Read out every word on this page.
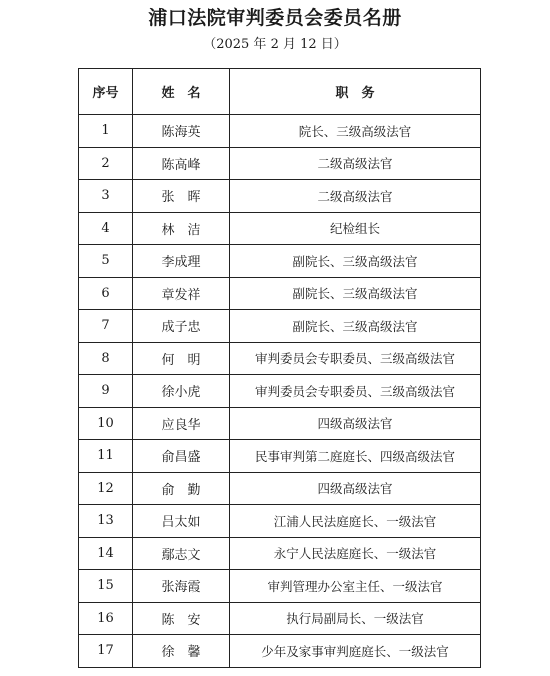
浦口法院审判委员会委员名册
（2025 年 2 月 12 日）
序号	姓　名	职　务
1	陈海英	院长、三级高级法官
2	陈高峰	二级高级法官
3	张　晖	二级高级法官
4	林　洁	纪检组长
5	李成理	副院长、三级高级法官
6	章发祥	副院长、三级高级法官
7	成子忠	副院长、三级高级法官
8	何　明	审判委员会专职委员、三级高级法官
9	徐小虎	审判委员会专职委员、三级高级法官
10	应良华	四级高级法官
11	俞昌盛	民事审判第二庭庭长、四级高级法官
12	俞　勤	四级高级法官
13	吕太如	江浦人民法庭庭长、一级法官
14	鄢志文	永宁人民法庭庭长、一级法官
15	张海霞	审判管理办公室主任、一级法官
16	陈　安	执行局副局长、一级法官
17	徐　馨	少年及家事审判庭庭长、一级法官
